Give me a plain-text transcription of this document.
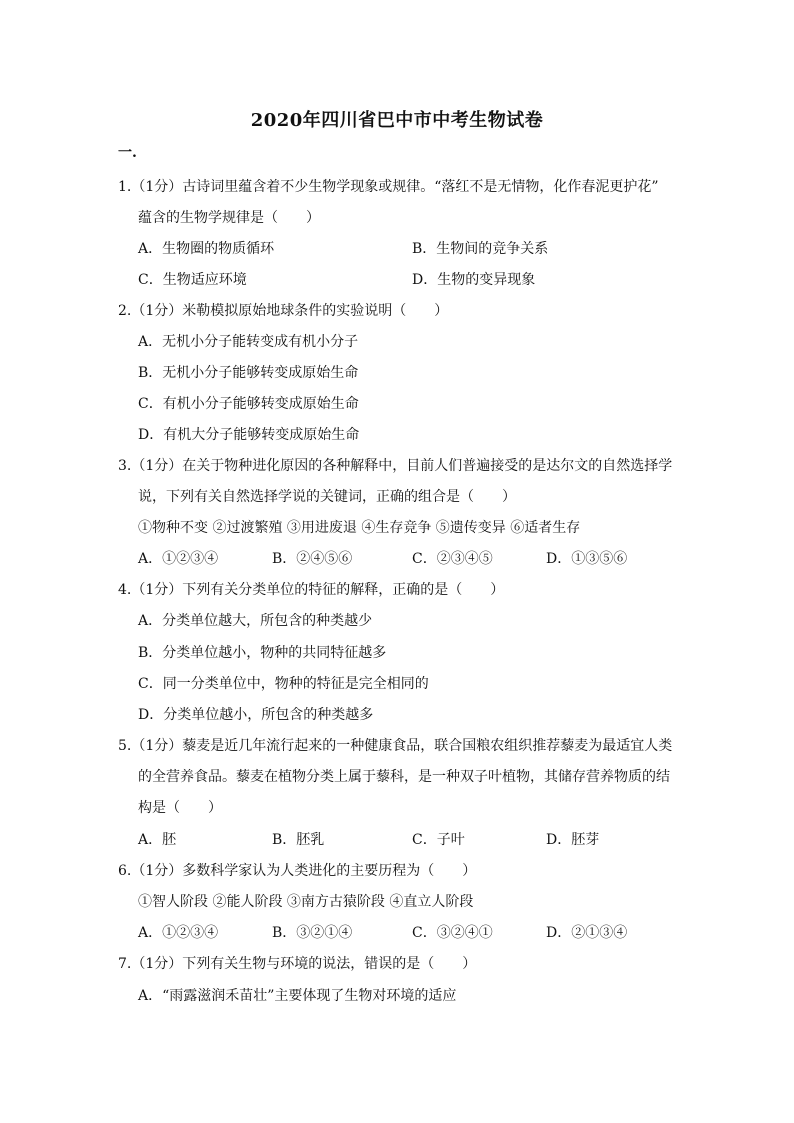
2020年四川省巴中市中考生物试卷
一.
1.（1分）古诗词里蕴含着不少生物学现象或规律。“落红不是无情物，化作春泥更护花”
蕴含的生物学规律是（　　）
A．生物圈的物质循环	B．生物间的竞争关系
C．生物适应环境	D．生物的变异现象
2.（1分）米勒模拟原始地球条件的实验说明（　　）
A．无机小分子能转变成有机小分子
B．无机小分子能够转变成原始生命
C．有机小分子能够转变成原始生命
D．有机大分子能够转变成原始生命
3.（1分）在关于物种进化原因的各种解释中，目前人们普遍接受的是达尔文的自然选择学
说，下列有关自然选择学说的关键词，正确的组合是（　　）
①物种不变 ②过渡繁殖 ③用进废退 ④生存竞争 ⑤遗传变异 ⑥适者生存
A．①②③④	B．②④⑤⑥	C．②③④⑤	D．①③⑤⑥
4.（1分）下列有关分类单位的特征的解释，正确的是（　　）
A．分类单位越大，所包含的种类越少
B．分类单位越小，物种的共同特征越多
C．同一分类单位中，物种的特征是完全相同的
D．分类单位越小，所包含的种类越多
5.（1分）藜麦是近几年流行起来的一种健康食品，联合国粮农组织推荐藜麦为最适宜人类
的全营养食品。藜麦在植物分类上属于藜科，是一种双子叶植物，其储存营养物质的结
构是（　　）
A．胚	B．胚乳	C．子叶	D．胚芽
6.（1分）多数科学家认为人类进化的主要历程为（　　）
①智人阶段 ②能人阶段 ③南方古猿阶段 ④直立人阶段
A．①②③④	B．③②①④	C．③②④①	D．②①③④
7.（1分）下列有关生物与环境的说法，错误的是（　　）
A．“雨露滋润禾苗壮”主要体现了生物对环境的适应
